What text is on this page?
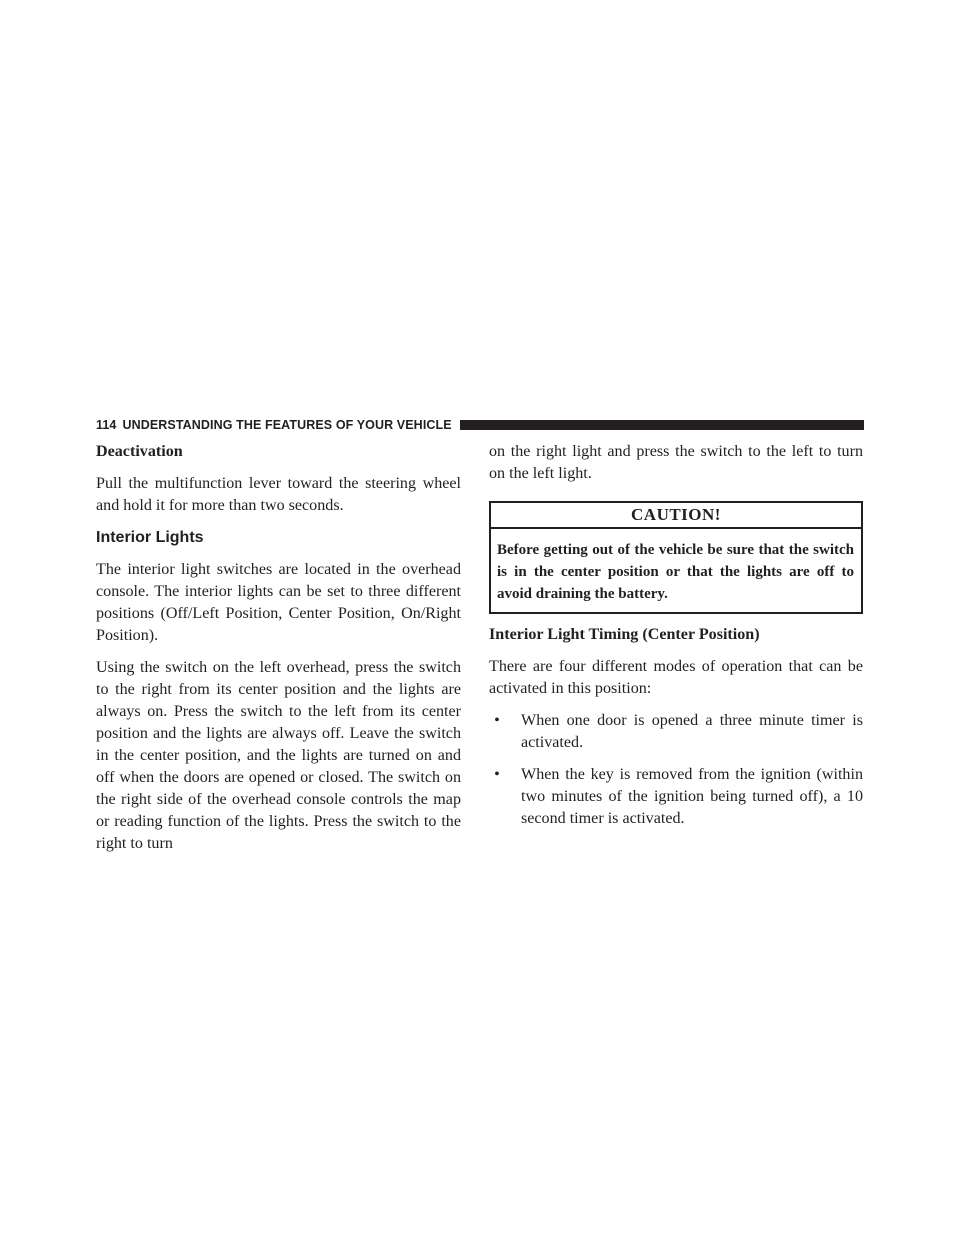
114 UNDERSTANDING THE FEATURES OF YOUR VEHICLE
Deactivation

Pull the multifunction lever toward the steering wheel and hold it for more than two seconds.

Interior Lights

The interior light switches are located in the overhead console. The interior lights can be set to three different positions (Off/Left Position, Center Position, On/Right Position).

Using the switch on the left overhead, press the switch to the right from its center position and the lights are always on. Press the switch to the left from its center position and the lights are always off. Leave the switch in the center position, and the lights are turned on and off when the doors are opened or closed. The switch on the right side of the overhead console controls the map or reading function of the lights. Press the switch to the right to turn

on the right light and press the switch to the left to turn on the left light.

CAUTION!
Before getting out of the vehicle be sure that the switch is in the center position or that the lights are off to avoid draining the battery.
Interior Light Timing (Center Position)

There are four different modes of operation that can be activated in this position:

•	When one door is opened a three minute timer is activated.
•	When the key is removed from the ignition (within two minutes of the ignition being turned off), a 10 second timer is activated.
